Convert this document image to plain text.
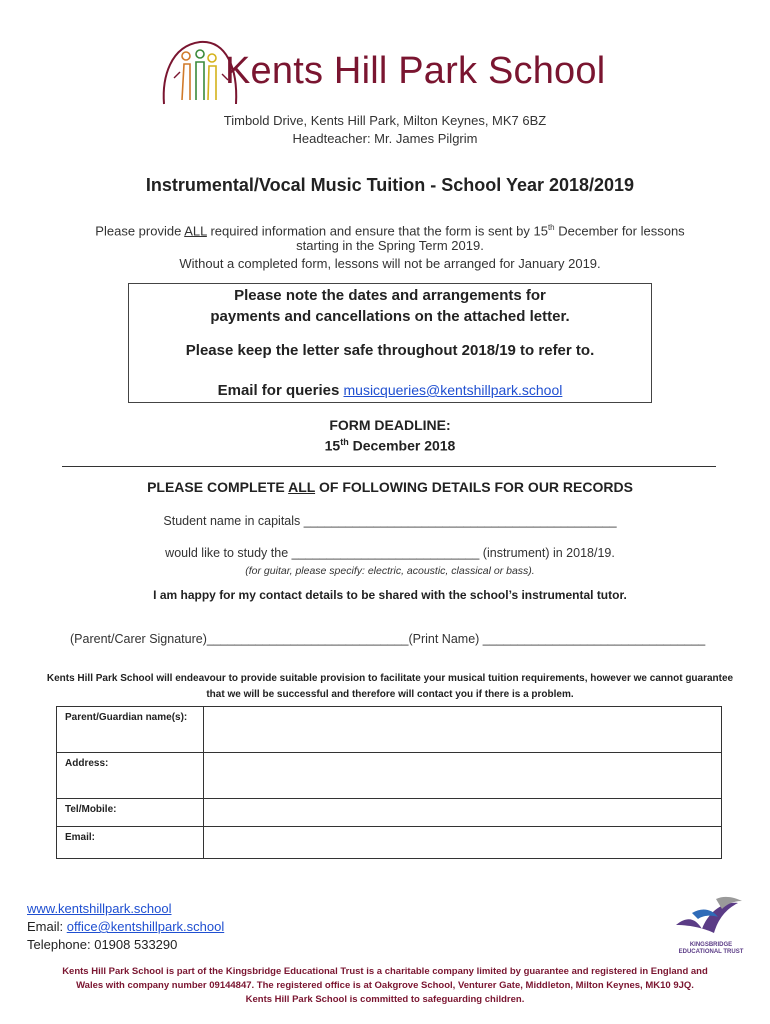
Kents Hill Park School
Timbold Drive, Kents Hill Park, Milton Keynes, MK7 6BZ
Headteacher: Mr. James Pilgrim
Instrumental/Vocal Music Tuition - School Year 2018/2019
Please provide ALL required information and ensure that the form is sent by 15th December for lessons
starting in the Spring Term 2019.
Without a completed form, lessons will not be arranged for January 2019.
Please note the dates and arrangements for
payments and cancellations on the attached letter.
Please keep the letter safe throughout 2018/19 to refer to.
Email for queries musicqueries@kentshillpark.school
FORM DEADLINE:
15th December 2018
PLEASE COMPLETE ALL OF FOLLOWING DETAILS FOR OUR RECORDS
Student name in capitals _____________________________________________
would like to study the ___________________________ (instrument) in 2018/19.
(for guitar, please specify: electric, acoustic, classical or bass).
I am happy for my contact details to be shared with the school’s instrumental tutor.
(Parent/Carer Signature)_____________________________(Print Name) ________________________________
Kents Hill Park School will endeavour to provide suitable provision to facilitate your musical tuition requirements, however we cannot guarantee that we will be successful and therefore will contact you if there is a problem.
Parent/Guardian name(s):	
Address:	
Tel/Mobile:	
Email:	
www.kentshillpark.school
Email: office@kentshillpark.school
Telephone: 01908 533290	KINGSBRIDGE EDUCATIONAL TRUST
Kents Hill Park School is part of the Kingsbridge Educational Trust is a charitable company limited by guarantee and registered in England and
Wales with company number 09144847. The registered office is at Oakgrove School, Venturer Gate, Middleton, Milton Keynes, MK10 9JQ.
Kents Hill Park School is committed to safeguarding children.
